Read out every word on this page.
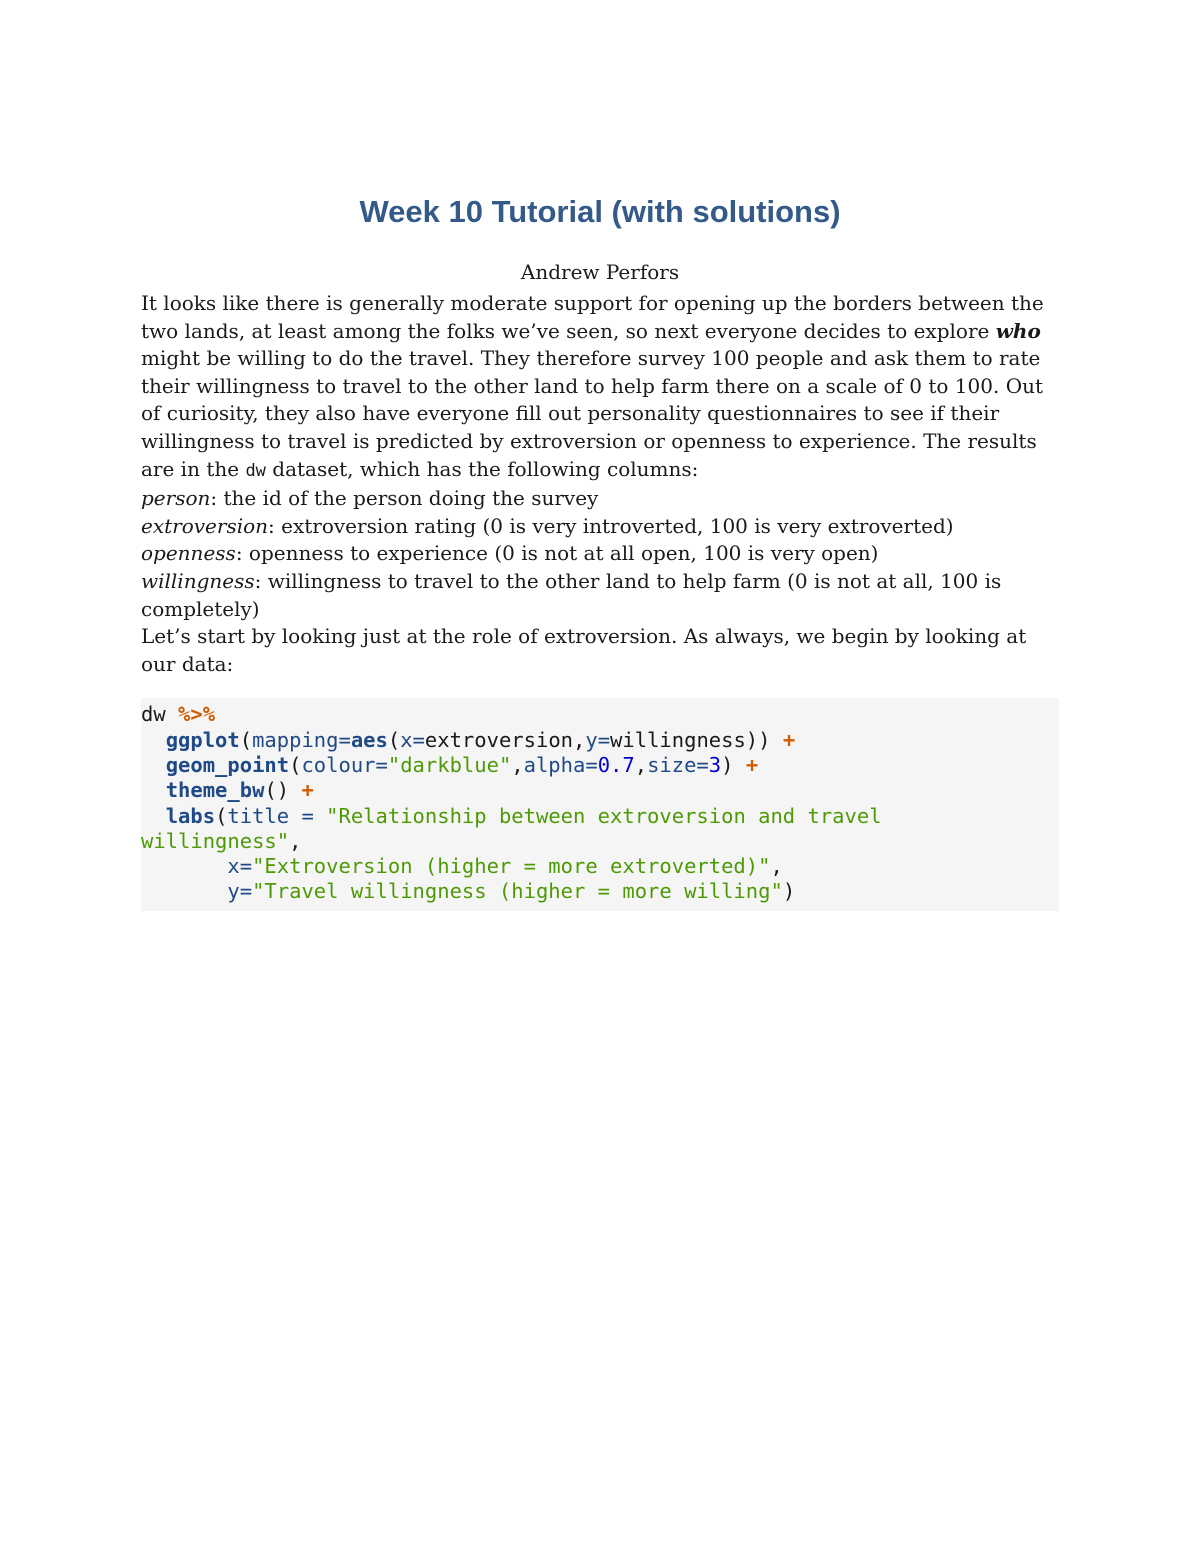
Week 10 Tutorial (with solutions)
Andrew Perfors

It looks like there is generally moderate support for opening up the borders between the two lands, at least among the folks we’ve seen, so next everyone decides to explore who might be willing to do the travel. They therefore survey 100 people and ask them to rate their willingness to travel to the other land to help farm there on a scale of 0 to 100. Out of curiosity, they also have everyone fill out personality questionnaires to see if their willingness to travel is predicted by extroversion or openness to experience. The results are in the dw dataset, which has the following columns:

person: the id of the person doing the survey

extroversion: extroversion rating (0 is very introverted, 100 is very extroverted)

openness: openness to experience (0 is not at all open, 100 is very open)

willingness: willingness to travel to the other land to help farm (0 is not at all, 100 is completely)

Let’s start by looking just at the role of extroversion. As always, we begin by looking at our data:

dw %>%
ggplot(mapping=aes(x=extroversion,y=willingness)) +
geom_point(colour="darkblue",alpha=0.7,size=3) +
theme_bw() +
labs(title = "Relationship between extroversion and travel
willingness",
x="Extroversion (higher = more extroverted)",
y="Travel willingness (higher = more willing")
